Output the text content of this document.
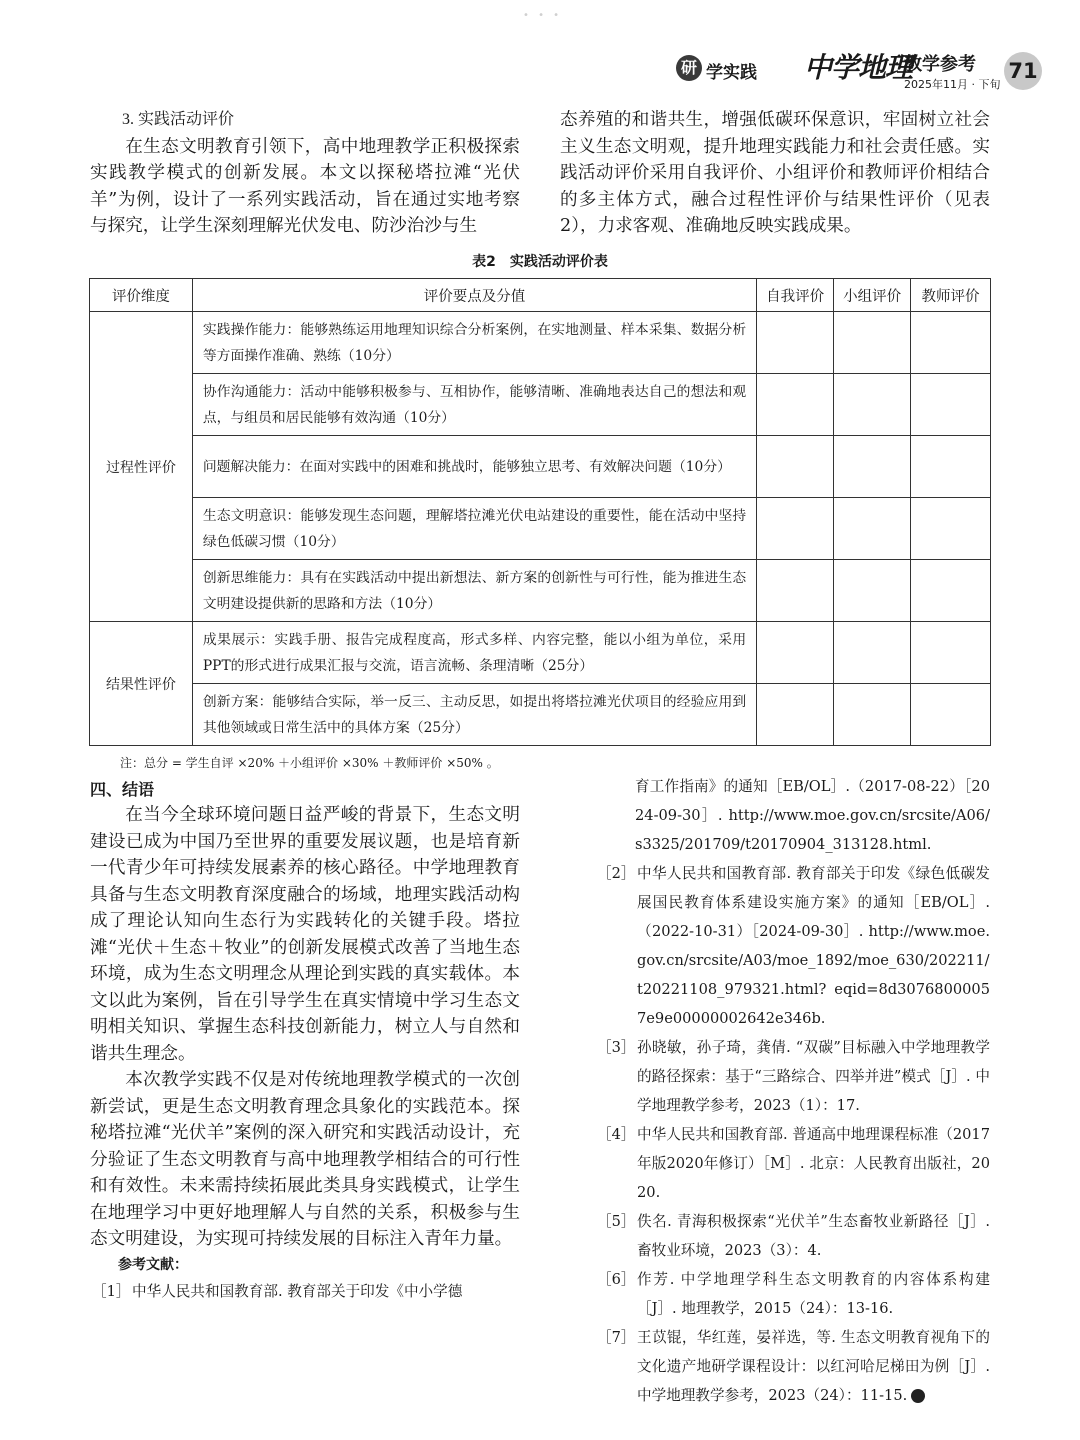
• • •
研 学实践 中学地理
教学参考
2025年11月 · 下旬
71
3. 实践活动评价

在生态文明教育引领下，高中地理教学正积极探索实践教学模式的创新发展。本文以探秘塔拉滩“光伏羊”为例，设计了一系列实践活动，旨在通过实地考察与探究，让学生深刻理解光伏发电、防沙治沙与生

态养殖的和谐共生，增强低碳环保意识，牢固树立社会主义生态文明观，提升地理实践能力和社会责任感。实践活动评价采用自我评价、小组评价和教师评价相结合的多主体方式，融合过程性评价与结果性评价（见表2），力求客观、准确地反映实践成果。

表2　实践活动评价表
评价维度	评价要点及分值	自我评价	小组评价	教师评价
过程性评价	实践操作能力：能够熟练运用地理知识综合分析案例，在实地测量、样本采集、数据分析等方面操作准确、熟练（10分）			
	协作沟通能力：活动中能够积极参与、互相协作，能够清晰、准确地表达自己的想法和观点，与组员和居民能够有效沟通（10分）			
	问题解决能力：在面对实践中的困难和挑战时，能够独立思考、有效解决问题（10分）			
	生态文明意识：能够发现生态问题，理解塔拉滩光伏电站建设的重要性，能在活动中坚持绿色低碳习惯（10分）			
	创新思维能力：具有在实践活动中提出新想法、新方案的创新性与可行性，能为推进生态文明建设提供新的思路和方法（10分）			
结果性评价	成果展示：实践手册、报告完成程度高，形式多样、内容完整，能以小组为单位，采用PPT的形式进行成果汇报与交流，语言流畅、条理清晰（25分）			
	创新方案：能够结合实际，举一反三、主动反思，如提出将塔拉滩光伏项目的经验应用到其他领域或日常生活中的具体方案（25分）			
注：总分 = 学生自评 ×20% ＋小组评价 ×30% ＋教师评价 ×50% 。
四、结语

在当今全球环境问题日益严峻的背景下，生态文明建设已成为中国乃至世界的重要发展议题，也是培育新一代青少年可持续发展素养的核心路径。中学地理教育具备与生态文明教育深度融合的场域，地理实践活动构成了理论认知向生态行为实践转化的关键手段。塔拉滩“光伏＋生态＋牧业”的创新发展模式改善了当地生态环境，成为生态文明理念从理论到实践的真实载体。本文以此为案例，旨在引导学生在真实情境中学习生态文明相关知识、掌握生态科技创新能力，树立人与自然和谐共生理念。

本次教学实践不仅是对传统地理教学模式的一次创新尝试，更是生态文明教育理念具象化的实践范本。探秘塔拉滩“光伏羊”案例的深入研究和实践活动设计，充分验证了生态文明教育与高中地理教学相结合的可行性和有效性。未来需持续拓展此类具身实践模式，让学生在地理学习中更好地理解人与自然的关系，积极参与生态文明建设，为实现可持续发展的目标注入青年力量。

参考文献：
［1］ 中华人民共和国教育部. 教育部关于印发《中小学德
育工作指南》的通知［EB/OL］.（2017-08-22）［2024-09-30］. http://www.moe.gov.cn/srcsite/A06/s3325/201709/t20170904_313128.html.
［2］ 中华人民共和国教育部. 教育部关于印发《绿色低碳发展国民教育体系建设实施方案》的通知［EB/OL］.（2022-10-31）［2024-09-30］. http://www.moe.gov.cn/srcsite/A03/moe_1892/moe_630/202211/t20221108_979321.html? eqid=8d30768000057e9e00000002642e346b.
［3］ 孙晓敏，孙子琦，龚倩. “双碳”目标融入中学地理教学的路径探索：基于“三路综合、四举并进”模式［J］. 中学地理教学参考，2023（1）：17.
［4］ 中华人民共和国教育部. 普通高中地理课程标准（2017年版2020年修订）［M］. 北京：人民教育出版社，2020.
［5］ 佚名. 青海积极探索“光伏羊”生态畜牧业新路径［J］. 畜牧业环境，2023（3）：4.
［6］ 作芳. 中学地理学科生态文明教育的内容体系构建［J］. 地理教学，2015（24）：13-16.
［7］ 王苡锟，华红莲，晏祥选，等. 生态文明教育视角下的文化遗产地研学课程设计：以红河哈尼梯田为例［J］. 中学地理教学参考，2023（24）：11-15.
